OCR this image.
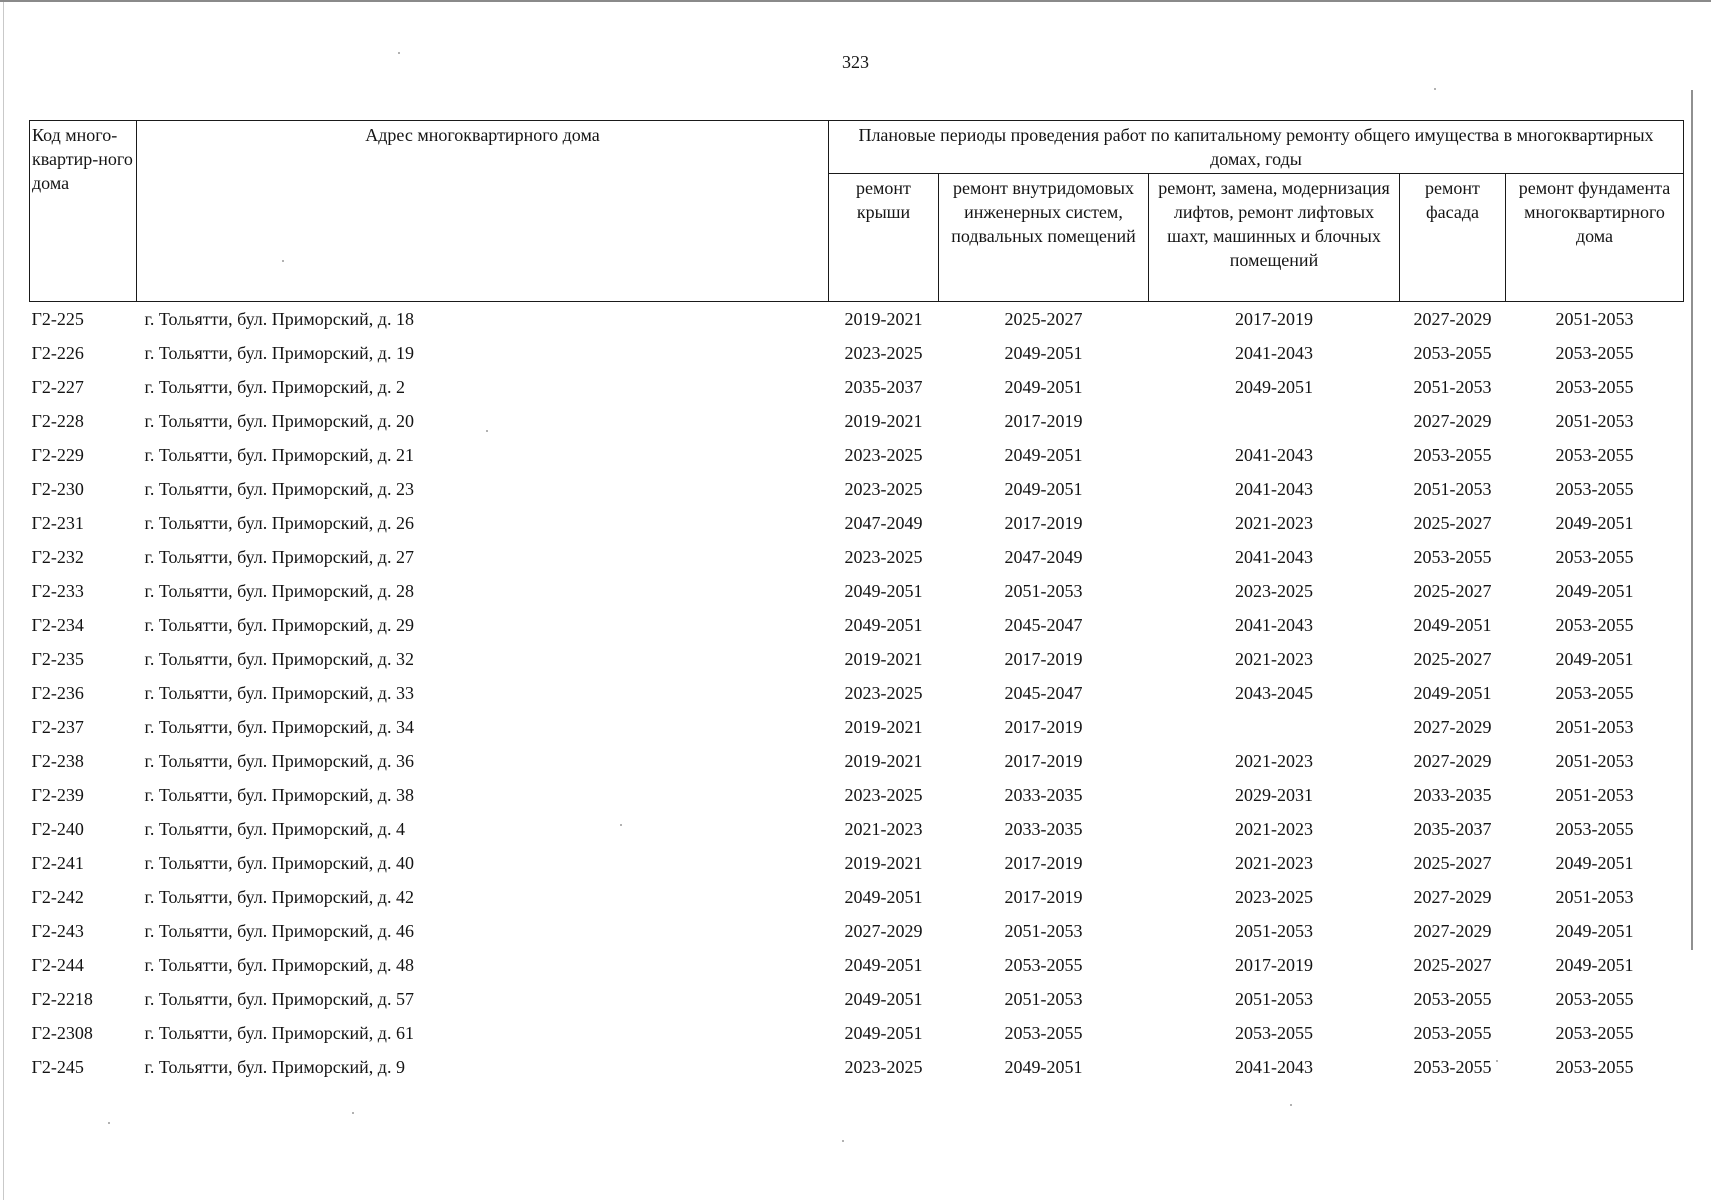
323
Код много-квартир-ного дома	Адрес многоквартирного дома	Плановые периоды проведения работ по капитальному ремонту общего имущества в многоквартирных домах, годы				
		ремонт крыши	ремонт внутридомовых инженерных систем, подвальных помещений	ремонт, замена, модернизация лифтов, ремонт лифтовых шахт, машинных и блочных помещений	ремонт фасада	ремонт фундамента многоквартирного дома
Г2-225	г. Тольятти, бул. Приморский, д. 18	2019-2021	2025-2027	2017-2019	2027-2029	2051-2053
Г2-226	г. Тольятти, бул. Приморский, д. 19	2023-2025	2049-2051	2041-2043	2053-2055	2053-2055
Г2-227	г. Тольятти, бул. Приморский, д. 2	2035-2037	2049-2051	2049-2051	2051-2053	2053-2055
Г2-228	г. Тольятти, бул. Приморский, д. 20	2019-2021	2017-2019		2027-2029	2051-2053
Г2-229	г. Тольятти, бул. Приморский, д. 21	2023-2025	2049-2051	2041-2043	2053-2055	2053-2055
Г2-230	г. Тольятти, бул. Приморский, д. 23	2023-2025	2049-2051	2041-2043	2051-2053	2053-2055
Г2-231	г. Тольятти, бул. Приморский, д. 26	2047-2049	2017-2019	2021-2023	2025-2027	2049-2051
Г2-232	г. Тольятти, бул. Приморский, д. 27	2023-2025	2047-2049	2041-2043	2053-2055	2053-2055
Г2-233	г. Тольятти, бул. Приморский, д. 28	2049-2051	2051-2053	2023-2025	2025-2027	2049-2051
Г2-234	г. Тольятти, бул. Приморский, д. 29	2049-2051	2045-2047	2041-2043	2049-2051	2053-2055
Г2-235	г. Тольятти, бул. Приморский, д. 32	2019-2021	2017-2019	2021-2023	2025-2027	2049-2051
Г2-236	г. Тольятти, бул. Приморский, д. 33	2023-2025	2045-2047	2043-2045	2049-2051	2053-2055
Г2-237	г. Тольятти, бул. Приморский, д. 34	2019-2021	2017-2019		2027-2029	2051-2053
Г2-238	г. Тольятти, бул. Приморский, д. 36	2019-2021	2017-2019	2021-2023	2027-2029	2051-2053
Г2-239	г. Тольятти, бул. Приморский, д. 38	2023-2025	2033-2035	2029-2031	2033-2035	2051-2053
Г2-240	г. Тольятти, бул. Приморский, д. 4	2021-2023	2033-2035	2021-2023	2035-2037	2053-2055
Г2-241	г. Тольятти, бул. Приморский, д. 40	2019-2021	2017-2019	2021-2023	2025-2027	2049-2051
Г2-242	г. Тольятти, бул. Приморский, д. 42	2049-2051	2017-2019	2023-2025	2027-2029	2051-2053
Г2-243	г. Тольятти, бул. Приморский, д. 46	2027-2029	2051-2053	2051-2053	2027-2029	2049-2051
Г2-244	г. Тольятти, бул. Приморский, д. 48	2049-2051	2053-2055	2017-2019	2025-2027	2049-2051
Г2-2218	г. Тольятти, бул. Приморский, д. 57	2049-2051	2051-2053	2051-2053	2053-2055	2053-2055
Г2-2308	г. Тольятти, бул. Приморский, д. 61	2049-2051	2053-2055	2053-2055	2053-2055	2053-2055
Г2-245	г. Тольятти, бул. Приморский, д. 9	2023-2025	2049-2051	2041-2043	2053-2055	2053-2055
